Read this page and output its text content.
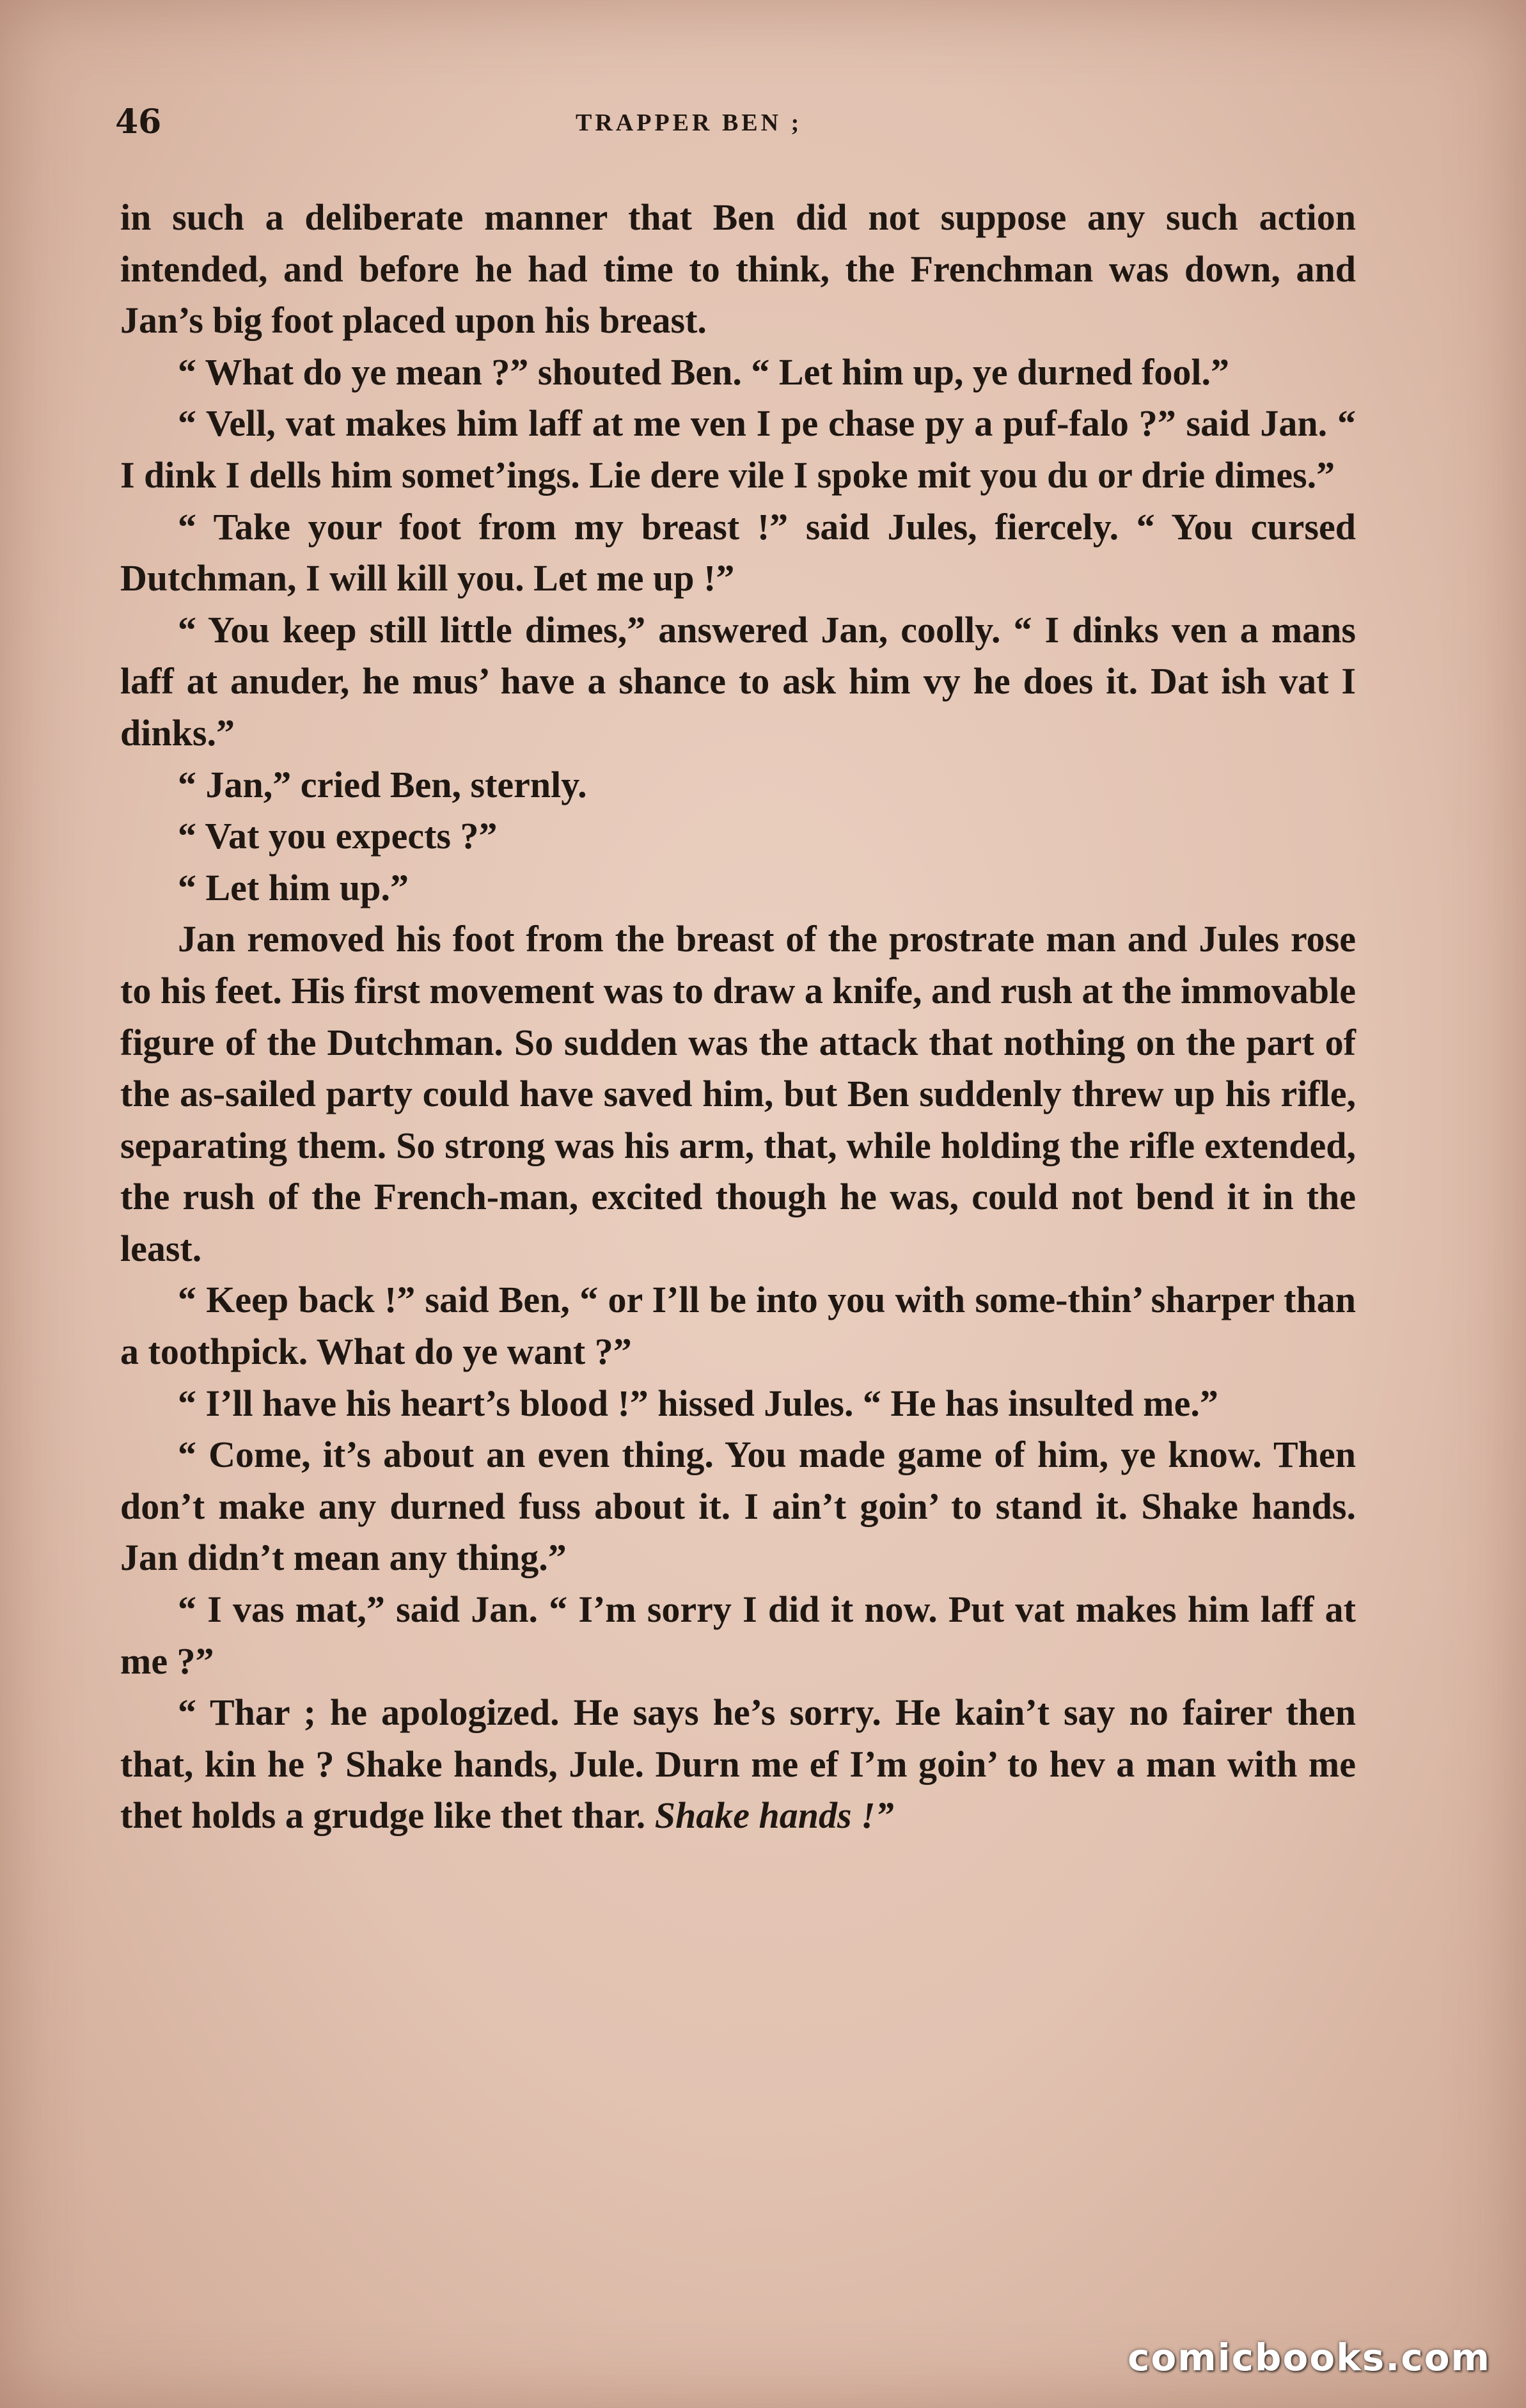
46	TRAPPER BEN ;

in such a deliberate manner that Ben did not suppose any such action intended, and before he had time to think, the Frenchman was down, and Jan’s big foot placed upon his breast.

“ What do ye mean ?” shouted Ben. “ Let him up, ye durned fool.”

“ Vell, vat makes him laff at me ven I pe chase py a puf-falo ?” said Jan. “ I dink I dells him somet’ings. Lie dere vile I spoke mit you du or drie dimes.”

“ Take your foot from my breast !” said Jules, fiercely. “ You cursed Dutchman, I will kill you. Let me up !”

“ You keep still little dimes,” answered Jan, coolly. “ I dinks ven a mans laff at anuder, he mus’ have a shance to ask him vy he does it. Dat ish vat I dinks.”

“ Jan,” cried Ben, sternly.

“ Vat you expects ?”

“ Let him up.”

Jan removed his foot from the breast of the prostrate man and Jules rose to his feet. His first movement was to draw a knife, and rush at the immovable figure of the Dutchman. So sudden was the attack that nothing on the part of the as-sailed party could have saved him, but Ben suddenly threw up his rifle, separating them. So strong was his arm, that, while holding the rifle extended, the rush of the French-man, excited though he was, could not bend it in the least.

“ Keep back !” said Ben, “ or I’ll be into you with some-thin’ sharper than a toothpick. What do ye want ?”

“ I’ll have his heart’s blood !” hissed Jules. “ He has insulted me.”

“ Come, it’s about an even thing. You made game of him, ye know. Then don’t make any durned fuss about it. I ain’t goin’ to stand it. Shake hands. Jan didn’t mean any thing.”

“ I vas mat,” said Jan. “ I’m sorry I did it now. Put vat makes him laff at me ?”

“ Thar ; he apologized. He says he’s sorry. He kain’t say no fairer then that, kin he ? Shake hands, Jule. Durn me ef I’m goin’ to hev a man with me thet holds a grudge like thet thar. Shake hands !”

comicbooks.com
